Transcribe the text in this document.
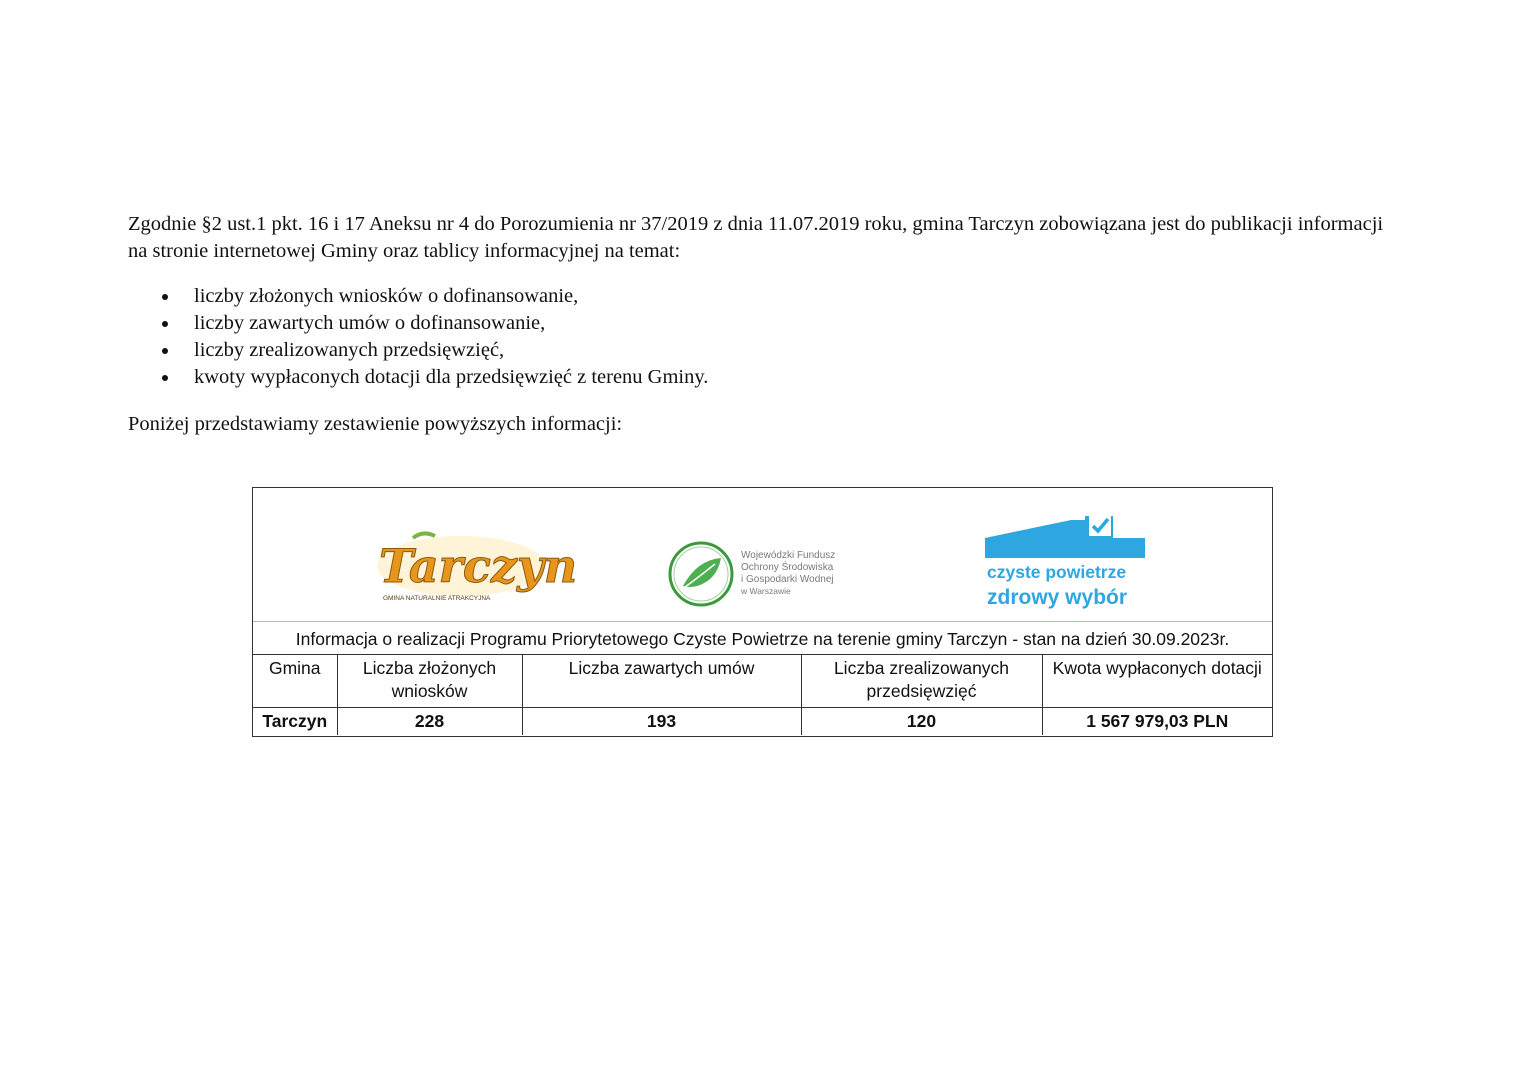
Zgodnie §2 ust.1 pkt. 16 i 17 Aneksu nr 4 do Porozumienia nr 37/2019 z dnia 11.07.2019 roku, gmina Tarczyn zobowiązana jest do publikacji informacji na stronie internetowej Gminy oraz tablicy informacyjnej na temat:

liczby złożonych wniosków o dofinansowanie,
liczby zawartych umów o dofinansowanie,
liczby zrealizowanych przedsięwzięć,
kwoty wypłaconych dotacji dla przedsięwzięć z terenu Gminy.

Poniżej przedstawiamy zestawienie powyższych informacji:

Tarczyn
GMINA NATURALNIE ATRAKCYJNA
Wojewódzki Fundusz
Ochrony Środowiska
i Gospodarki Wodnej
w Warszawie
czyste powietrze
zdrowy wybór
Informacja o realizacji Programu Priorytetowego Czyste Powietrze na terenie gminy Tarczyn - stan na dzień 30.09.2023r.
Gmina	Liczba złożonych wniosków	Liczba zawartych umów	Liczba zrealizowanych przedsięwzięć	Kwota wypłaconych dotacji
Tarczyn	228	193	120	1 567 979,03 PLN
